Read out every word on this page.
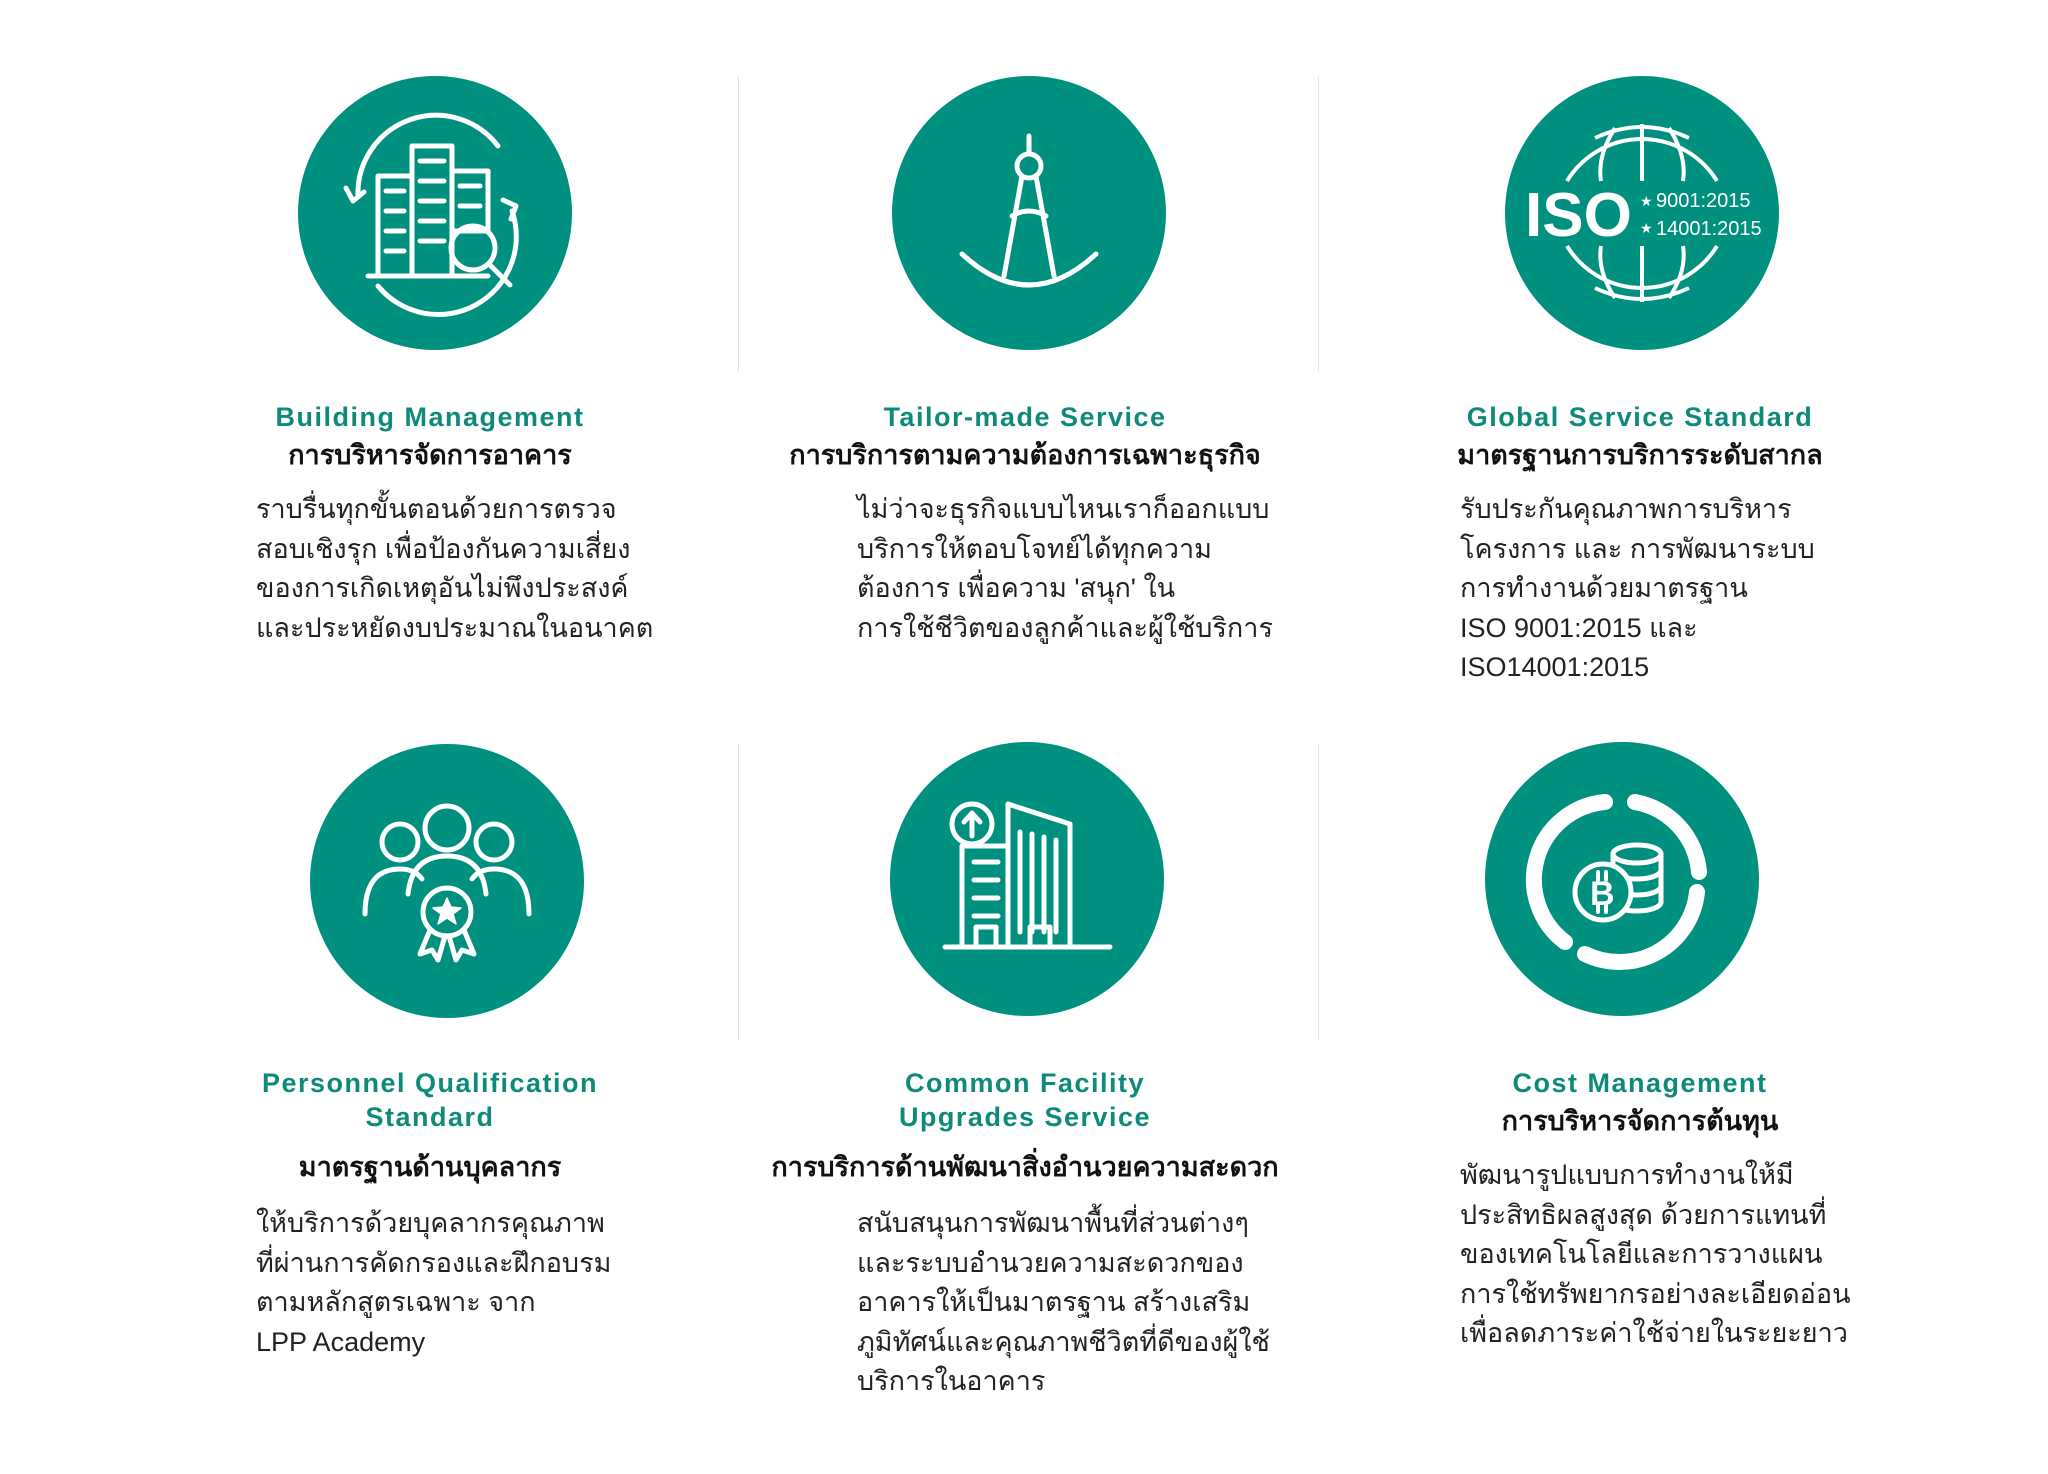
Building Management
การบริหารจัดการอาคาร
ราบรื่นทุกขั้นตอนด้วยการตรวจ
สอบเชิงรุก เพื่อป้องกันความเสี่ยง
ของการเกิดเหตุอันไม่พึงประสงค์
และประหยัดงบประมาณในอนาคต
Tailor-made Service
การบริการตามความต้องการเฉพาะธุรกิจ
ไม่ว่าจะธุรกิจแบบไหนเราก็ออกแบบ
บริการให้ตอบโจทย์ได้ทุกความ
ต้องการ เพื่อความ 'สนุก' ใน
การใช้ชีวิตของลูกค้าและผู้ใช้บริการ
ISO ★
★
9001:2015
14001:2015
Global Service Standard
มาตรฐานการบริการระดับสากล
รับประกันคุณภาพการบริหาร
โครงการ และ การพัฒนาระบบ
การทำงานด้วยมาตรฐาน
ISO 9001:2015 และ
ISO14001:2015
Personnel Qualification
Standard
มาตรฐานด้านบุคลากร
ให้บริการด้วยบุคลากรคุณภาพ
ที่ผ่านการคัดกรองและฝึกอบรม
ตามหลักสูตรเฉพาะ จาก
LPP Academy
Common Facility
Upgrades Service
การบริการด้านพัฒนาสิ่งอำนวยความสะดวก
สนับสนุนการพัฒนาพื้นที่ส่วนต่างๆ
และระบบอำนวยความสะดวกของ
อาคารให้เป็นมาตรฐาน สร้างเสริม
ภูมิทัศน์และคุณภาพชีวิตที่ดีของผู้ใช้
บริการในอาคาร
B
Cost Management
การบริหารจัดการต้นทุน
พัฒนารูปแบบการทำงานให้มี
ประสิทธิผลสูงสุด ด้วยการแทนที่
ของเทคโนโลยีและการวางแผน
การใช้ทรัพยากรอย่างละเอียดอ่อน
เพื่อลดภาระค่าใช้จ่ายในระยะยาว
